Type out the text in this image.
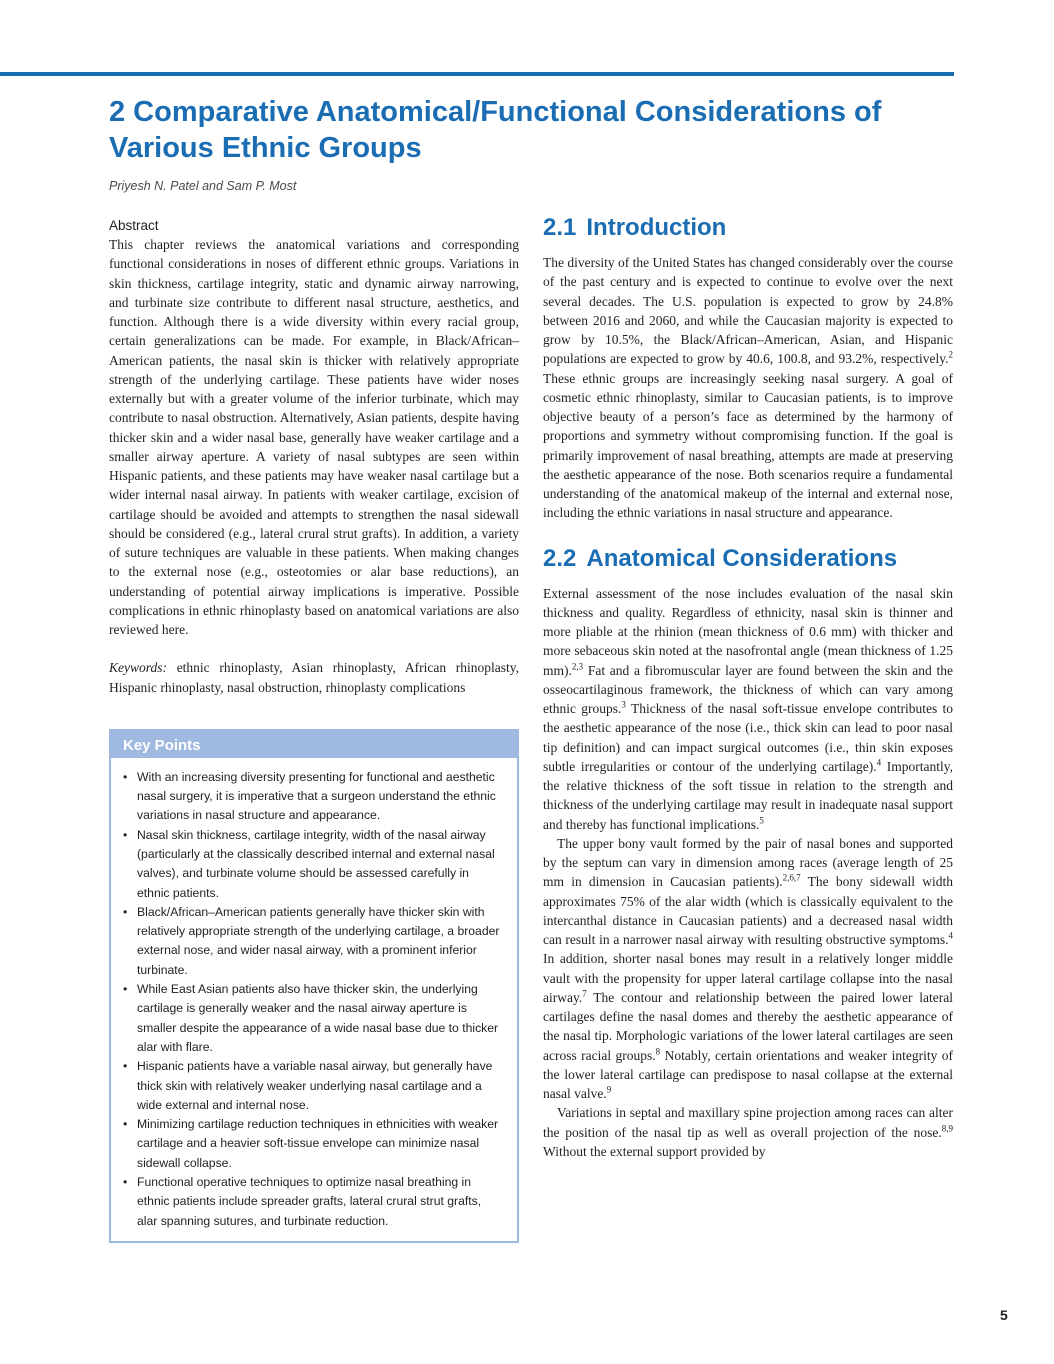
2 Comparative Anatomical/Functional Considerations of Various Ethnic Groups
Priyesh N. Patel and Sam P. Most

Abstract

This chapter reviews the anatomical variations and corresponding functional considerations in noses of different ethnic groups. Variations in skin thickness, cartilage integrity, static and dynamic airway narrowing, and turbinate size contribute to different nasal structure, aesthetics, and function. Although there is a wide diversity within every racial group, certain generalizations can be made. For example, in Black/African–American patients, the nasal skin is thicker with relatively appropriate strength of the underlying cartilage. These patients have wider noses externally but with a greater volume of the inferior turbinate, which may contribute to nasal obstruction. Alternatively, Asian patients, despite having thicker skin and a wider nasal base, generally have weaker cartilage and a smaller airway aperture. A variety of nasal subtypes are seen within Hispanic patients, and these patients may have weaker nasal cartilage but a wider internal nasal airway. In patients with weaker cartilage, excision of cartilage should be avoided and attempts to strengthen the nasal sidewall should be considered (e.g., lateral crural strut grafts). In addition, a variety of suture techniques are valuable in these patients. When making changes to the external nose (e.g., osteotomies or alar base reductions), an understanding of potential airway implications is imperative. Possible complications in ethnic rhinoplasty based on anatomical variations are also reviewed here.

Keywords: ethnic rhinoplasty, Asian rhinoplasty, African rhinoplasty, Hispanic rhinoplasty, nasal obstruction, rhinoplasty complications

Key Points
• With an increasing diversity presenting for functional and aesthetic nasal surgery, it is imperative that a surgeon understand the ethnic variations in nasal structure and appearance.
• Nasal skin thickness, cartilage integrity, width of the nasal airway (particularly at the classically described internal and external nasal valves), and turbinate volume should be assessed carefully in ethnic patients.
• Black/African–American patients generally have thicker skin with relatively appropriate strength of the underlying cartilage, a broader external nose, and wider nasal airway, with a prominent inferior turbinate.
• While East Asian patients also have thicker skin, the underlying cartilage is generally weaker and the nasal airway aperture is smaller despite the appearance of a wide nasal base due to thicker alar with flare.
• Hispanic patients have a variable nasal airway, but generally have thick skin with relatively weaker underlying nasal cartilage and a wide external and internal nose.
• Minimizing cartilage reduction techniques in ethnicities with weaker cartilage and a heavier soft-tissue envelope can minimize nasal sidewall collapse.
• Functional operative techniques to optimize nasal breathing in ethnic patients include spreader grafts, lateral crural strut grafts, alar spanning sutures, and turbinate reduction.
2.1 Introduction

The diversity of the United States has changed considerably over the course of the past century and is expected to continue to evolve over the next several decades. The U.S. population is expected to grow by 24.8% between 2016 and 2060, and while the Caucasian majority is expected to grow by 10.5%, the Black/African–American, Asian, and Hispanic populations are expected to grow by 40.6, 100.8, and 93.2%, respectively.$^2$ These ethnic groups are increasingly seeking nasal surgery. A goal of cosmetic ethnic rhinoplasty, similar to Caucasian patients, is to improve objective beauty of a person’s face as determined by the harmony of proportions and symmetry without compromising function. If the goal is primarily improvement of nasal breathing, attempts are made at preserving the aesthetic appearance of the nose. Both scenarios require a fundamental understanding of the anatomical makeup of the internal and external nose, including the ethnic variations in nasal structure and appearance.

2.2 Anatomical Considerations

External assessment of the nose includes evaluation of the nasal skin thickness and quality. Regardless of ethnicity, nasal skin is thinner and more pliable at the rhinion (mean thickness of 0.6 mm) with thicker and more sebaceous skin noted at the nasofrontal angle (mean thickness of 1.25 mm).$^{2,3}$ Fat and a fibromuscular layer are found between the skin and the osseocartilaginous framework, the thickness of which can vary among ethnic groups.$^3$ Thickness of the nasal soft-tissue envelope contributes to the aesthetic appearance of the nose (i.e., thick skin can lead to poor nasal tip definition) and can impact surgical outcomes (i.e., thin skin exposes subtle irregularities or contour of the underlying cartilage).$^4$ Importantly, the relative thickness of the soft tissue in relation to the strength and thickness of the underlying cartilage may result in inadequate nasal support and thereby has functional implications.$^5$

The upper bony vault formed by the pair of nasal bones and supported by the septum can vary in dimension among races (average length of 25 mm in dimension in Caucasian patients).$^{2,6,7}$ The bony sidewall width approximates 75% of the alar width (which is classically equivalent to the intercanthal distance in Caucasian patients) and a decreased nasal width can result in a narrower nasal airway with resulting obstructive symptoms.$^4$ In addition, shorter nasal bones may result in a relatively longer middle vault with the propensity for upper lateral cartilage collapse into the nasal airway.$^7$ The contour and relationship between the paired lower lateral cartilages define the nasal domes and thereby the aesthetic appearance of the nasal tip. Morphologic variations of the lower lateral cartilages are seen across racial groups.$^8$ Notably, certain orientations and weaker integrity of the lower lateral cartilage can predispose to nasal collapse at the external nasal valve.$^9$

Variations in septal and maxillary spine projection among races can alter the position of the nasal tip as well as overall projection of the nose.$^{8,9}$ Without the external support provided by

5
